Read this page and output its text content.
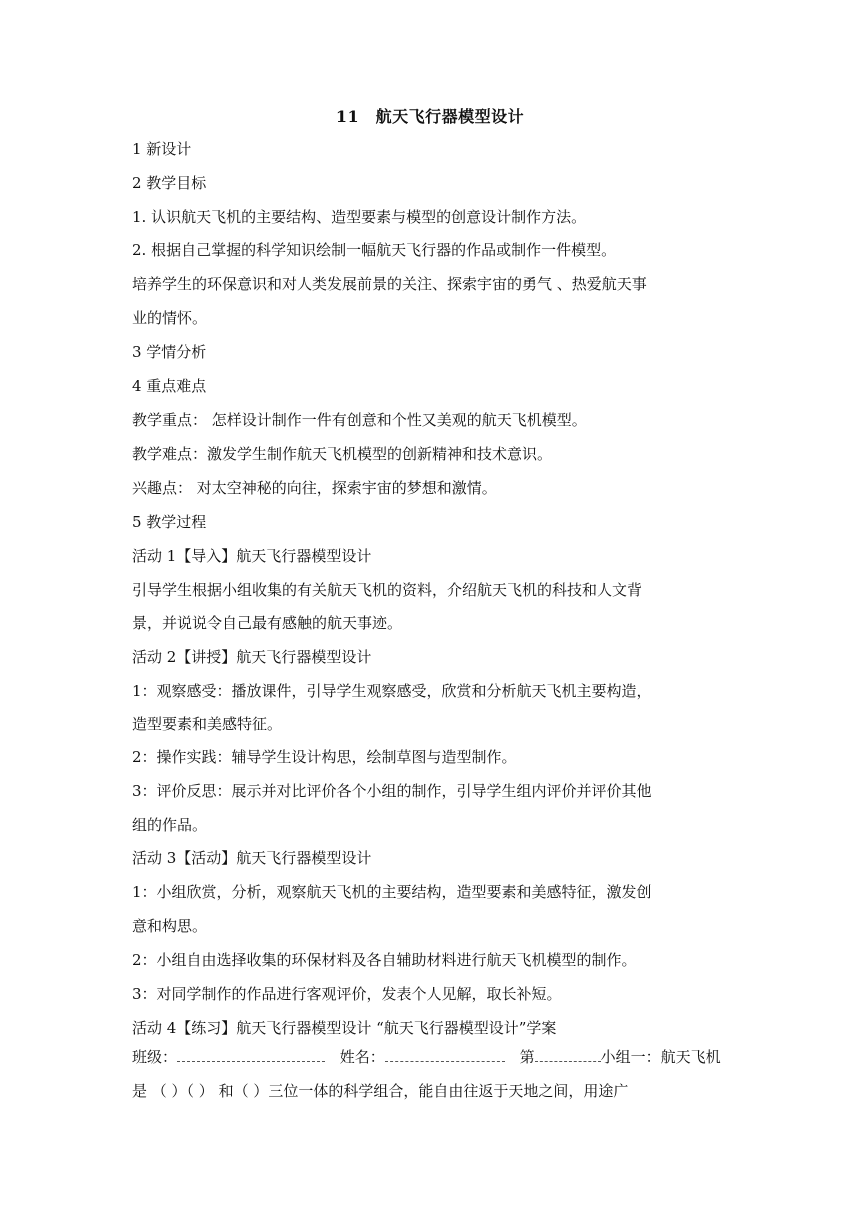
11　航天飞行器模型设计
1 新设计
2 教学目标
1. 认识航天飞机的主要结构、造型要素与模型的创意设计制作方法。
2. 根据自己掌握的科学知识绘制一幅航天飞行器的作品或制作一件模型。
培养学生的环保意识和对人类发展前景的关注、探索宇宙的勇气 、热爱航天事
业的情怀。
3 学情分析
4 重点难点
教学重点： 怎样设计制作一件有创意和个性又美观的航天飞机模型。
教学难点：激发学生制作航天飞机模型的创新精神和技术意识。
兴趣点： 对太空神秘的向往，探索宇宙的梦想和激情。
5 教学过程
活动 1【导入】航天飞行器模型设计
引导学生根据小组收集的有关航天飞机的资料，介绍航天飞机的科技和人文背
景，并说说令自己最有感触的航天事迹。
活动 2【讲授】航天飞行器模型设计
1：观察感受：播放课件，引导学生观察感受，欣赏和分析航天飞机主要构造，
造型要素和美感特征。
2：操作实践：辅导学生设计构思，绘制草图与造型制作。
3：评价反思：展示并对比评价各个小组的制作，引导学生组内评价并评价其他
组的作品。
活动 3【活动】航天飞行器模型设计
1：小组欣赏，分析，观察航天飞机的主要结构，造型要素和美感特征，激发创
意和构思。
2：小组自由选择收集的环保材料及各自辅助材料进行航天飞机模型的制作。
3：对同学制作的作品进行客观评价，发表个人见解，取长补短。
活动 4【练习】航天飞行器模型设计 “航天飞行器模型设计”学案
班级：	姓名：	第	小组一：航天飞机
是 （ ）（ ） 和（ ）三位一体的科学组合，能自由往返于天地之间，用途广
